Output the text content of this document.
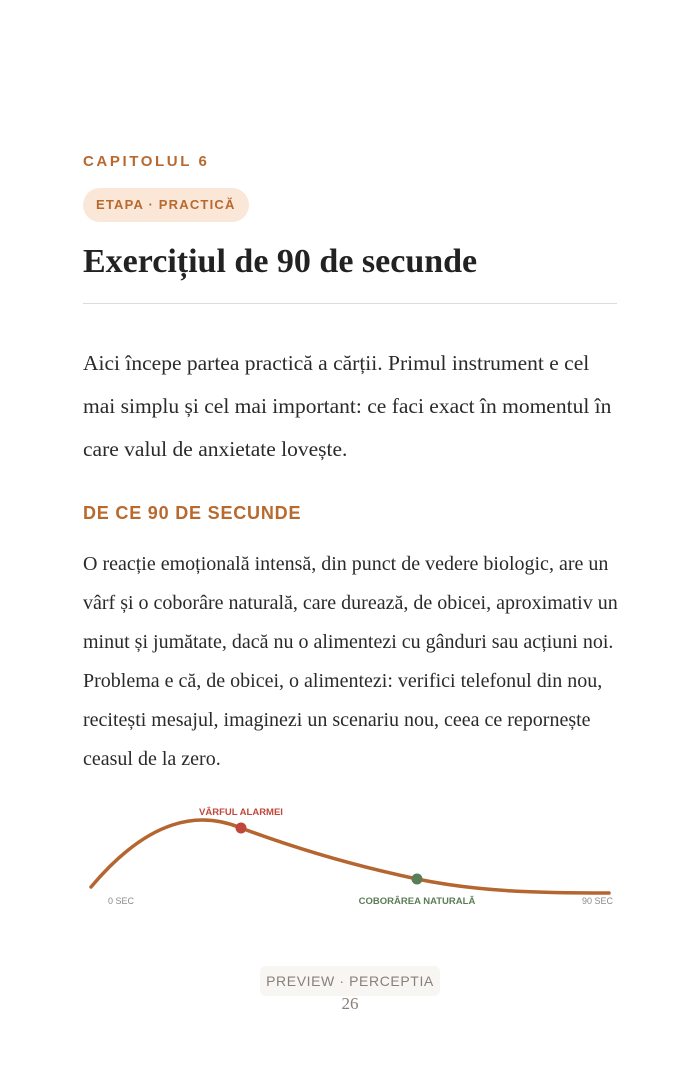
CAPITOLUL 6
ETAPA · PRACTICĂ
Exercițiul de 90 de secunde

Aici începe partea practică a cărții. Primul instrument e cel mai simplu și cel mai important: ce faci exact în momentul în care valul de anxietate lovește.

DE CE 90 DE SECUNDE

O reacție emoțională intensă, din punct de vedere biologic, are un vârf și o coborâre naturală, care durează, de obicei, aproximativ un minut și jumătate, dacă nu o alimentezi cu gânduri sau acțiuni noi. Problema e că, de obicei, o alimentezi: verifici telefonul din nou, recitești mesajul, imaginezi un scenariu nou, ceea ce repornește ceasul de la zero.

VÂRFUL ALARMEI
0 SEC	COBORÂREA NATURALĂ	90 SEC
PREVIEW · PERCEPTIA
26
